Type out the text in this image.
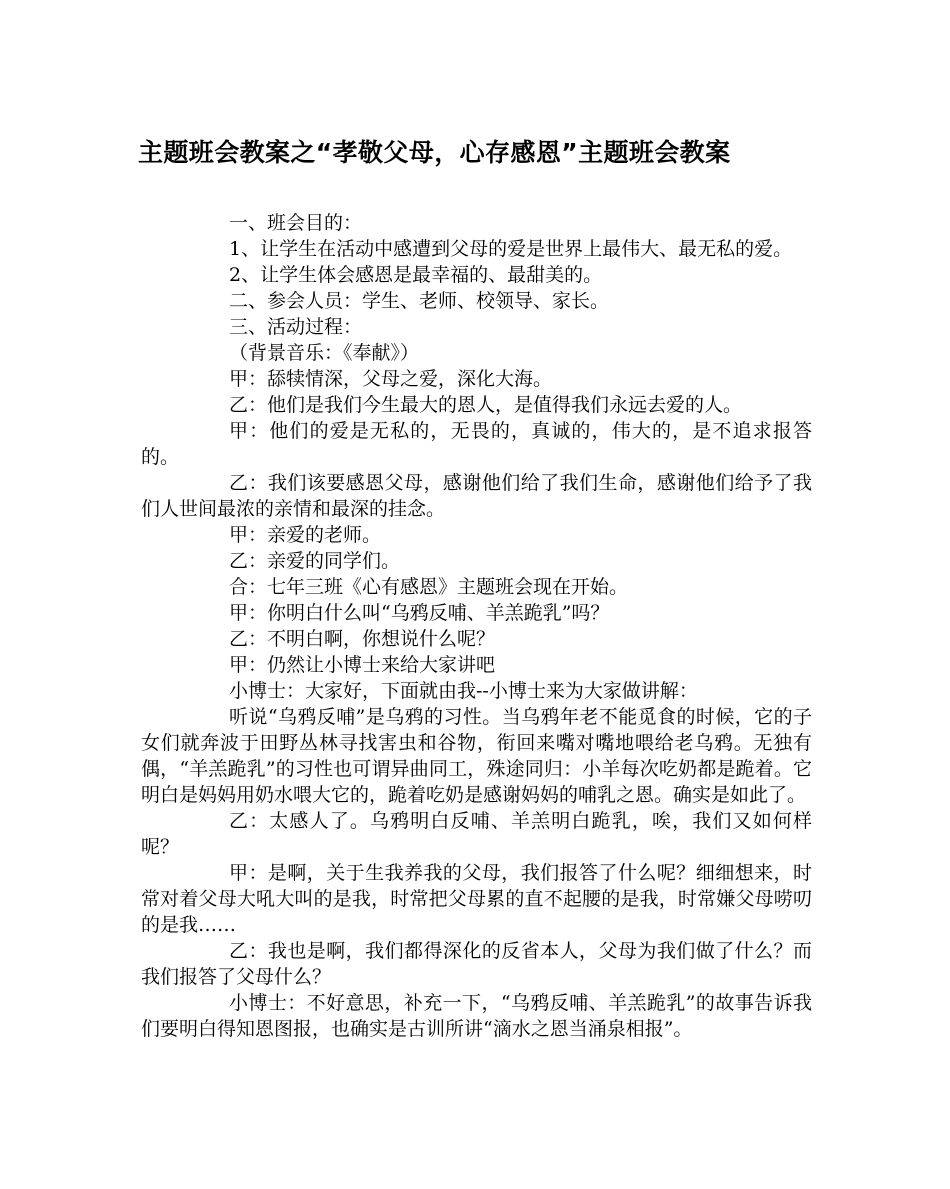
主题班会教案之“孝敬父母，心存感恩”主题班会教案

一、班会目的：

1、让学生在活动中感遭到父母的爱是世界上最伟大、最无私的爱。

2、让学生体会感恩是最幸福的、最甜美的。

二、参会人员：学生、老师、校领导、家长。

三、活动过程：

（背景音乐：《奉献》）

甲：舔犊情深，父母之爱，深化大海。

乙：他们是我们今生最大的恩人，是值得我们永远去爱的人。

甲：他们的爱是无私的，无畏的，真诚的，伟大的，是不追求报答的。

乙：我们该要感恩父母，感谢他们给了我们生命，感谢他们给予了我们人世间最浓的亲情和最深的挂念。

甲：亲爱的老师。

乙：亲爱的同学们。

合：七年三班《心有感恩》主题班会现在开始。

甲：你明白什么叫“乌鸦反哺、羊羔跪乳”吗？

乙：不明白啊，你想说什么呢？

甲：仍然让小博士来给大家讲吧

小博士：大家好，下面就由我--小博士来为大家做讲解：

听说“乌鸦反哺”是乌鸦的习性。当乌鸦年老不能觅食的时候，它的子女们就奔波于田野丛林寻找害虫和谷物，衔回来嘴对嘴地喂给老乌鸦。无独有偶，“羊羔跪乳”的习性也可谓异曲同工，殊途同归：小羊每次吃奶都是跪着。它明白是妈妈用奶水喂大它的，跪着吃奶是感谢妈妈的哺乳之恩。确实是如此了。

乙：太感人了。乌鸦明白反哺、羊羔明白跪乳，唉，我们又如何样呢？

甲：是啊，关于生我养我的父母，我们报答了什么呢？细细想来，时常对着父母大吼大叫的是我，时常把父母累的直不起腰的是我，时常嫌父母唠叨的是我……

乙：我也是啊，我们都得深化的反省本人，父母为我们做了什么？而我们报答了父母什么？

小博士：不好意思，补充一下，“乌鸦反哺、羊羔跪乳”的故事告诉我们要明白得知恩图报，也确实是古训所讲“滴水之恩当涌泉相报”。
